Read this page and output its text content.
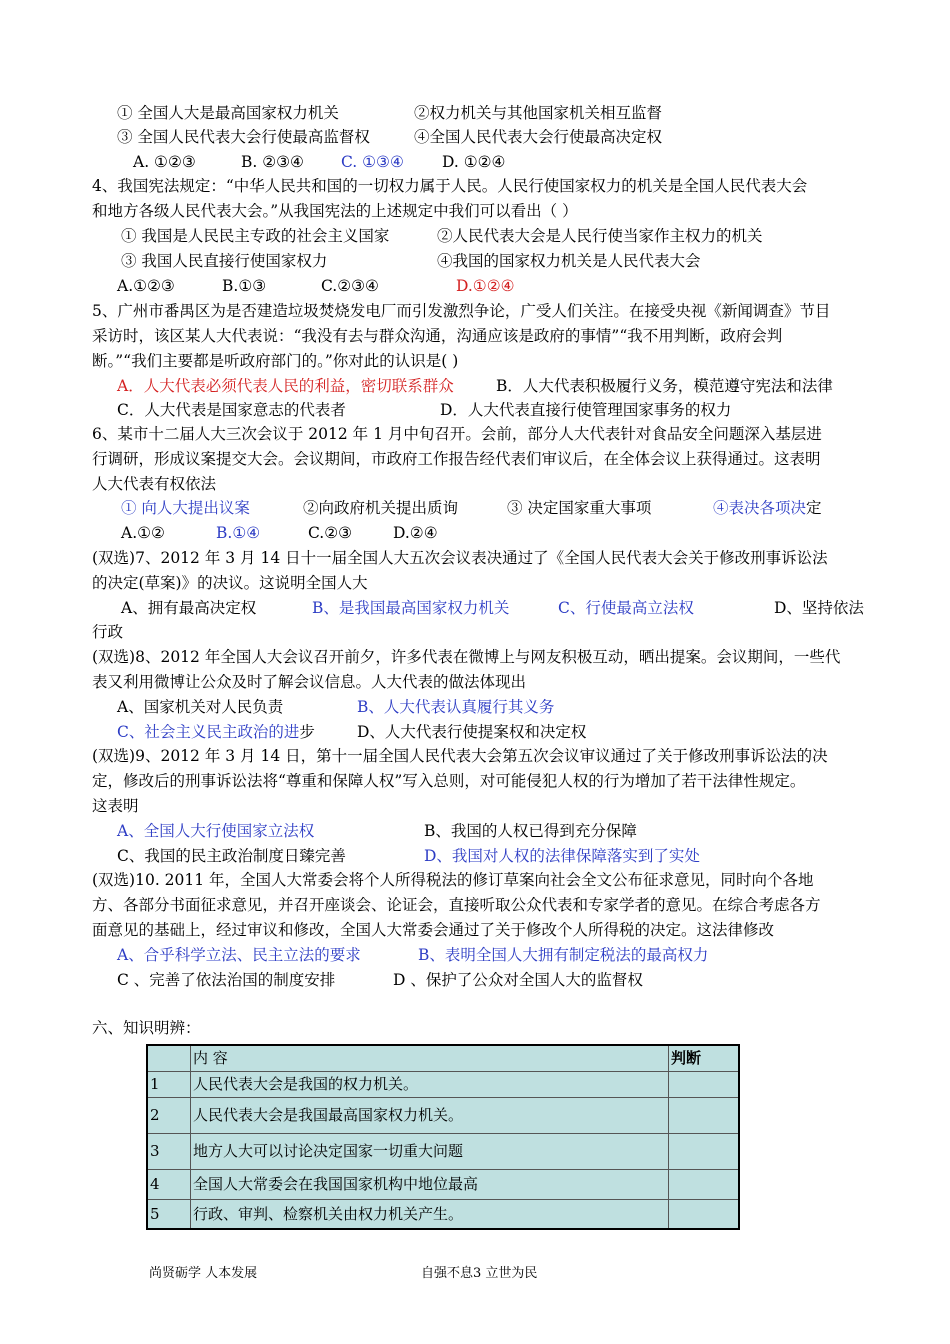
① 全国人大是最高国家权力机关	②权力机关与其他国家机关相互监督
③ 全国人民代表大会行使最高监督权	④全国人民代表大会行使最高决定权
A. ①②③	B. ②③④ C. ①③④ D. ①②④
4、我国宪法规定：“中华人民共和国的一切权力属于人民。人民行使国家权力的机关是全国人民代表大会
和地方各级人民代表大会。”从我国宪法的上述规定中我们可以看出（ ）
① 我国是人民民主专政的社会主义国家	②人民代表大会是人民行使当家作主权力的机关
③ 我国人民直接行使国家权力	④我国的国家权力机关是人民代表大会
A.①②③	B.①③	C.②③④	D.①②④
5、广州市番禺区为是否建造垃圾焚烧发电厂而引发激烈争论，广受人们关注。在接受央视《新闻调查》节目
采访时，该区某人大代表说：“我没有去与群众沟通，沟通应该是政府的事情”“我不用判断，政府会判
断。”“我们主要都是听政府部门的。”你对此的认识是( )
A．人大代表必须代表人民的利益，密切联系群众	B．人大代表积极履行义务，模范遵守宪法和法律
C．人大代表是国家意志的代表者	D．人大代表直接行使管理国家事务的权力
6、某市十二届人大三次会议于 2012 年 1 月中旬召开。会前，部分人大代表针对食品安全问题深入基层进
行调研，形成议案提交大会。会议期间，市政府工作报告经代表们审议后，在全体会议上获得通过。这表明
人大代表有权依法
① 向人大提出议案	②向政府机关提出质询	③ 决定国家重大事项	④表决各项决定
A.①②	B.①④	C.②③	D.②④
(双选)7、2012 年 3 月 14 日十一届全国人大五次会议表决通过了《全国人民代表大会关于修改刑事诉讼法
的决定(草案)》的决议。这说明全国人大
A、拥有最高决定权	B、是我国最高国家权力机关	C、行使最高立法权	D、坚持依法
行政
(双选)8、2012 年全国人大会议召开前夕，许多代表在微博上与网友积极互动，晒出提案。会议期间，一些代
表又利用微博让公众及时了解会议信息。人大代表的做法体现出
A、国家机关对人民负责	B、人大代表认真履行其义务
C、社会主义民主政治的进步	D、人大代表行使提案权和决定权
(双选)9、2012 年 3 月 14 日，第十一届全国人民代表大会第五次会议审议通过了关于修改刑事诉讼法的决
定，修改后的刑事诉讼法将“尊重和保障人权”写入总则，对可能侵犯人权的行为增加了若干法律性规定。
这表明
A、全国人大行使国家立法权	B、我国的人权已得到充分保障
C、我国的民主政治制度日臻完善	D、我国对人权的法律保障落实到了实处
(双选)10. 2011 年，全国人大常委会将个人所得税法的修订草案向社会全文公布征求意见，同时向个各地
方、各部分书面征求意见，并召开座谈会、论证会，直接听取公众代表和专家学者的意见。在综合考虑各方
面意见的基础上，经过审议和修改，全国人大常委会通过了关于修改个人所得税的决定。这法律修改
A、合乎科学立法、民主立法的要求	B、表明全国人大拥有制定税法的最高权力
C 、完善了依法治国的制度安排	D 、保护了公众对全国人大的监督权
六、知识明辨：
	内 容	判断
1	人民代表大会是我国的权力机关。	
2	人民代表大会是我国最高国家权力机关。	
3	地方人大可以讨论决定国家一切重大问题	
4	全国人大常委会在我国国家机构中地位最高	
5	行政、审判、检察机关由权力机关产生。	
尚贤砺学 人本发展	自强不息3 立世为民
